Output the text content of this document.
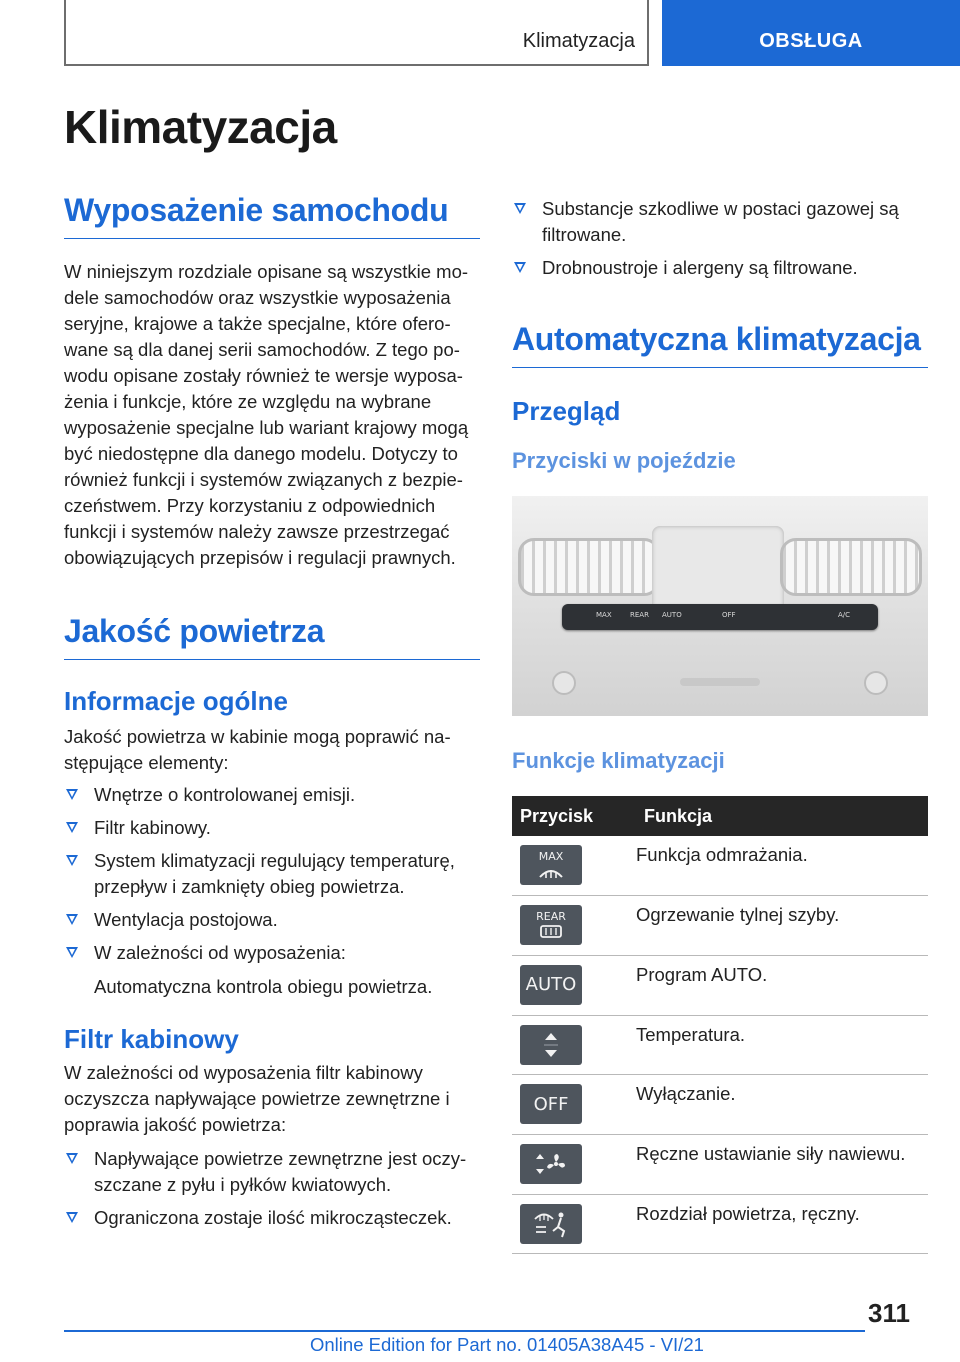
Klimatyzacja	OBSŁUGA
Klimatyzacja
Wyposażenie samochodu
W niniejszym rozdziale opisane są wszystkie mo-
dele samochodów oraz wszystkie wyposażenia
seryjne, krajowe a także specjalne, które ofero-
wane są dla danej serii samochodów. Z tego po-
wodu opisane zostały również te wersje wyposa-
żenia i funkcje, które ze względu na wybrane
wyposażenie specjalne lub wariant krajowy mogą
być niedostępne dla danego modelu. Dotyczy to
również funkcji i systemów związanych z bezpie-
czeństwem. Przy korzystaniu z odpowiednich
funkcji i systemów należy zawsze przestrzegać
obowiązujących przepisów i regulacji prawnych.
Jakość powietrza
Informacje ogólne
Jakość powietrza w kabinie mogą poprawić na-
stępujące elementy:
Wnętrze o kontrolowanej emisji.
Filtr kabinowy.
System klimatyzacji regulujący temperaturę,
przepływ i zamknięty obieg powietrza.
Wentylacja postojowa.
W zależności od wyposażenia:
Automatyczna kontrola obiegu powietrza.
Filtr kabinowy
W zależności od wyposażenia filtr kabinowy
oczyszcza napływające powietrze zewnętrzne i
poprawia jakość powietrza:
Napływające powietrze zewnętrzne jest oczy-
szczane z pyłu i pyłków kwiatowych.
Ograniczona zostaje ilość mikrocząsteczek.
Substancje szkodliwe w postaci gazowej są
filtrowane.
Drobnoustroje i alergeny są filtrowane.
Automatyczna klimatyzacja
Przegląd
Przyciski w pojeździe
MAX	REAR AUTO	OFF	A/C
Funkcje klimatyzacji
Przycisk	Funkcja

MAX	Funkcja odmrażania.

REAR	Ogrzewanie tylnej szyby.

AUTO	Program AUTO.

	Temperatura.

OFF	Wyłączanie.

	Ręczne ustawianie siły nawiewu.

	Rozdział powietrza, ręczny.
311
Online Edition for Part no. 01405A38A45 - VI/21
